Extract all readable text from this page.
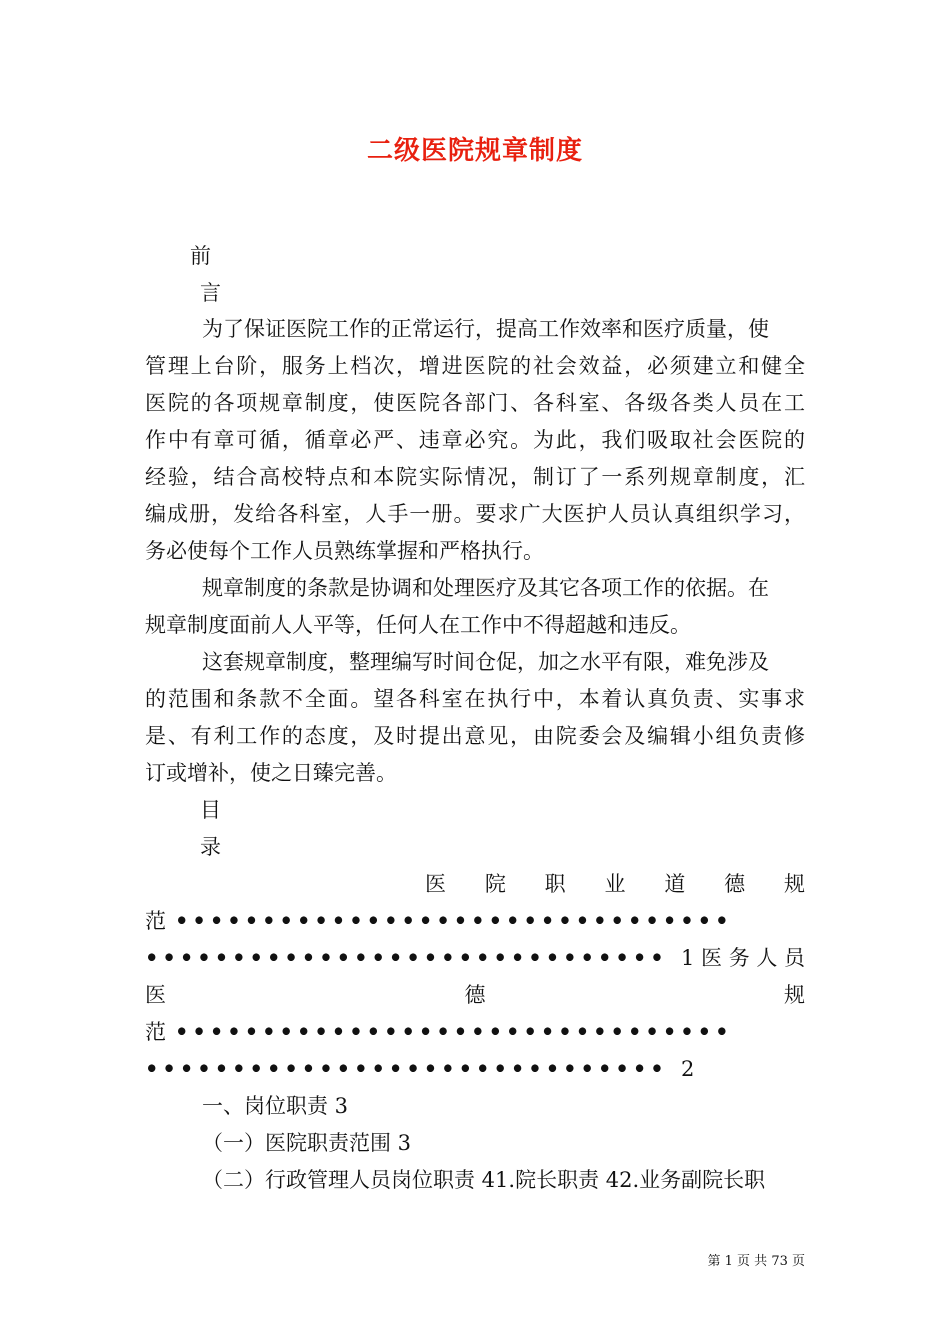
二级医院规章制度
前
言
为了保证医院工作的正常运行，提高工作效率和医疗质量，使
管理上台阶，服务上档次，增进医院的社会效益，必须建立和健全
医院的各项规章制度，使医院各部门、各科室、各级各类人员在工
作中有章可循，循章必严、违章必究。为此，我们吸取社会医院的
经验，结合高校特点和本院实际情况，制订了一系列规章制度，汇
编成册，发给各科室，人手一册。要求广大医护人员认真组织学习，
务必使每个工作人员熟练掌握和严格执行。
规章制度的条款是协调和处理医疗及其它各项工作的依据。在
规章制度面前人人平等，任何人在工作中不得超越和违反。
这套规章制度，整理编写时间仓促，加之水平有限，难免涉及
的范围和条款不全面。望各科室在执行中，本着认真负责、实事求
是、有利工作的态度，及时提出意见，由院委会及编辑小组负责修
订或增补，使之日臻完善。
目
录
医 院 职 业 道 德 规
范 ••••••••••••••••••••••••••••••••
•••••••••••••••••••••••••••••• 1 医 务 人 员
医 德 规
范 ••••••••••••••••••••••••••••••••
•••••••••••••••••••••••••••••• 2
一、岗位职责 3
（一）医院职责范围 3
（二）行政管理人员岗位职责 41.院长职责 42.业务副院长职
第 1 页 共 73 页
